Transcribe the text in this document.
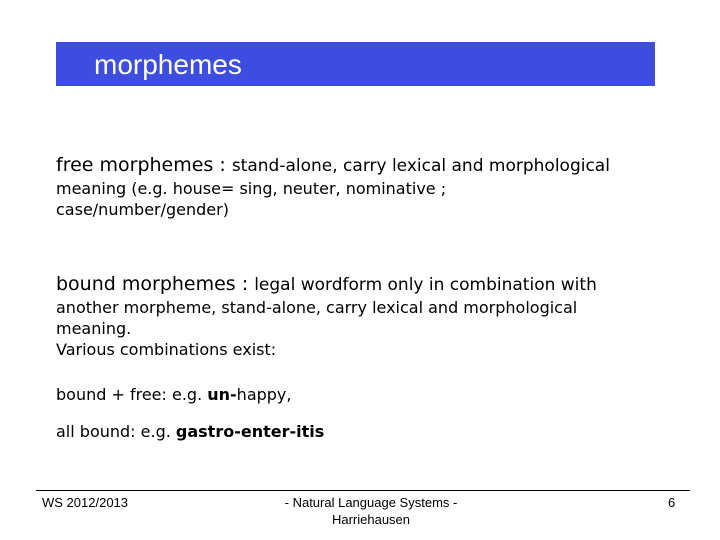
morphemes
free morphemes : stand-alone, carry lexical and morphological
meaning (e.g. house= sing, neuter, nominative ;
case/number/gender)
bound morphemes : legal wordform only in combination with
another morpheme, stand-alone, carry lexical and morphological
meaning.
Various combinations exist:
bound + free: e.g. un-happy,
all bound: e.g. gastro-enter-itis
WS 2012/2013	- Natural Language Systems -
Harriehausen
6
